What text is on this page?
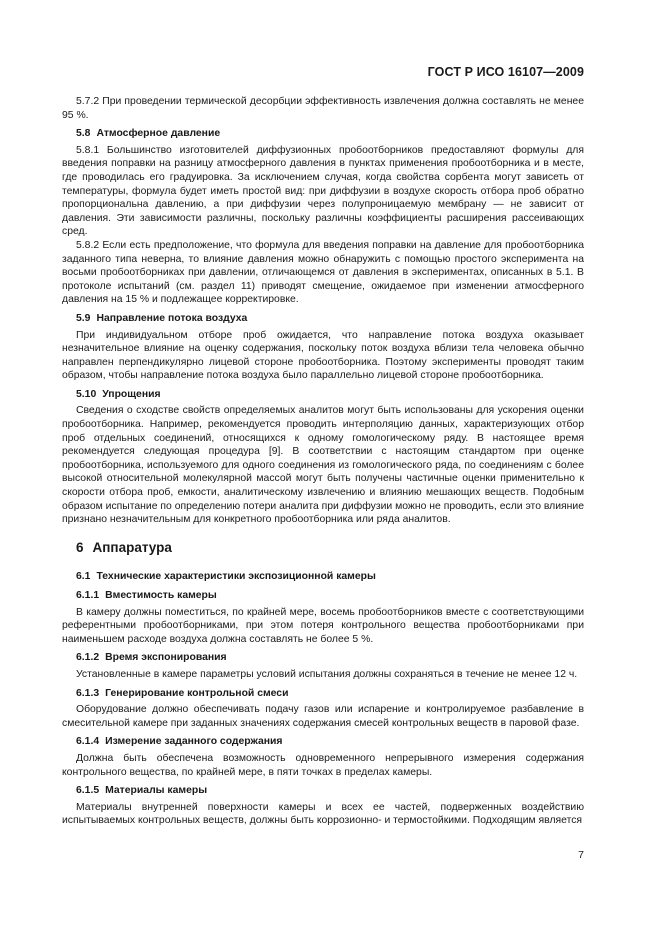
ГОСТ Р ИСО 16107—2009

5.7.2 При проведении термической десорбции эффективность извлечения должна составлять не менее 95 %.

5.8 Атмосферное давление

5.8.1 Большинство изготовителей диффузионных пробоотборников предоставляют формулы для введения поправки на разницу атмосферного давления в пунктах применения пробоотборника и в месте, где проводилась его градуировка. За исключением случая, когда свойства сорбента могут зависеть от температуры, формула будет иметь простой вид: при диффузии в воздухе скорость отбора проб обратно пропорциональна давлению, а при диффузии через полупроницаемую мембрану — не зависит от давления. Эти зависимости различны, поскольку различны коэффициенты расширения рассеивающих сред.

5.8.2 Если есть предположение, что формула для введения поправки на давление для пробоотборника заданного типа неверна, то влияние давления можно обнаружить с помощью простого эксперимента на восьми пробоотборниках при давлении, отличающемся от давления в экспериментах, описанных в 5.1. В протоколе испытаний (см. раздел 11) приводят смещение, ожидаемое при изменении атмосферного давления на 15 % и подлежащее корректировке.

5.9 Направление потока воздуха

При индивидуальном отборе проб ожидается, что направление потока воздуха оказывает незначительное влияние на оценку содержания, поскольку поток воздуха вблизи тела человека обычно направлен перпендикулярно лицевой стороне пробоотборника. Поэтому эксперименты проводят таким образом, чтобы направление потока воздуха было параллельно лицевой стороне пробоотборника.

5.10 Упрощения

Сведения о сходстве свойств определяемых аналитов могут быть использованы для ускорения оценки пробоотборника. Например, рекомендуется проводить интерполяцию данных, характеризующих отбор проб отдельных соединений, относящихся к одному гомологическому ряду. В настоящее время рекомендуется следующая процедура [9]. В соответствии с настоящим стандартом при оценке пробоотборника, используемого для одного соединения из гомологического ряда, по соединениям с более высокой относительной молекулярной массой могут быть получены частичные оценки применительно к скорости отбора проб, емкости, аналитическому извлечению и влиянию мешающих веществ. Подобным образом испытание по определению потери аналита при диффузии можно не проводить, если это влияние признано незначительным для конкретного пробоотборника или ряда аналитов.

6 Аппаратура
6.1 Технические характеристики экспозиционной камеры
6.1.1 Вместимость камеры

В камеру должны поместиться, по крайней мере, восемь пробоотборников вместе с соответствующими референтными пробоотборниками, при этом потеря контрольного вещества пробоотборниками при наименьшем расходе воздуха должна составлять не более 5 %.

6.1.2 Время экспонирования

Установленные в камере параметры условий испытания должны сохраняться в течение не менее 12 ч.

6.1.3 Генерирование контрольной смеси

Оборудование должно обеспечивать подачу газов или испарение и контролируемое разбавление в смесительной камере при заданных значениях содержания смесей контрольных веществ в паровой фазе.

6.1.4 Измерение заданного содержания

Должна быть обеспечена возможность одновременного непрерывного измерения содержания контрольного вещества, по крайней мере, в пяти точках в пределах камеры.

6.1.5 Материалы камеры

Материалы внутренней поверхности камеры и всех ее частей, подверженных воздействию испытываемых контрольных веществ, должны быть коррозионно- и термостойкими. Подходящим является

7
